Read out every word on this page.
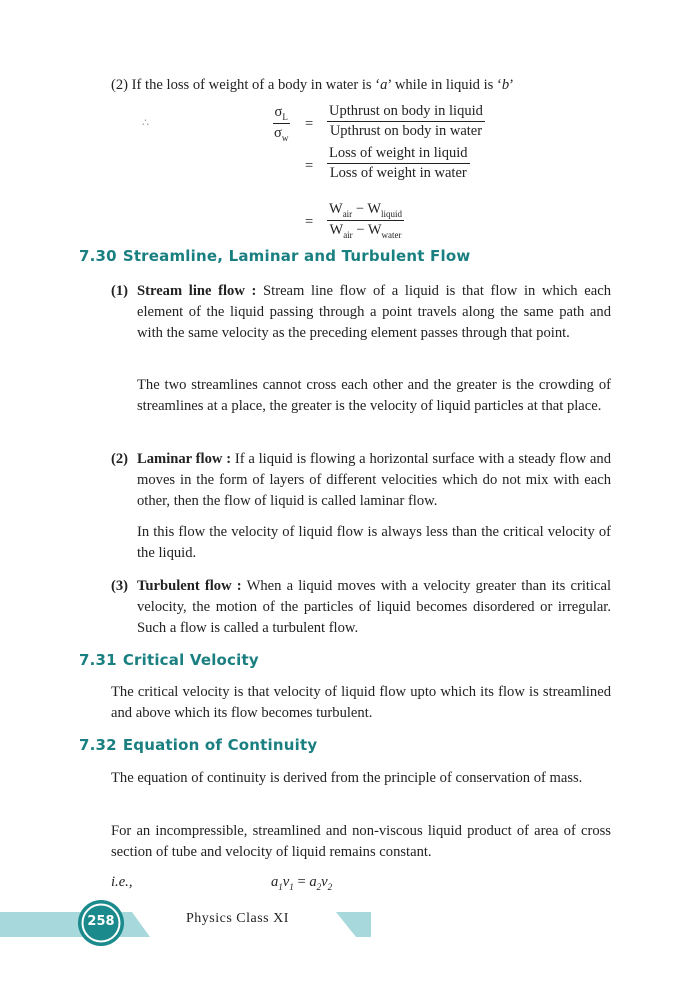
(2) If the loss of weight of a body in water is ‘a’ while in liquid is ‘b’
∴	$\frac{\sigma_L}{\sigma_w} = \frac{\text{Upthrust on body in liquid}}{\text{Upthrust on body in water}}$
= $\frac{\text{Loss of weight in liquid}}{\text{Loss of weight in water}}$
= $\frac{W_{air} - W_{liquid}}{W_{air} - W_{water}}$
7.30 Streamline, Laminar and Turbulent Flow
(1) Stream line flow : Stream line flow of a liquid is that flow in which each element of the liquid passing through a point travels along the same path and with the same velocity as the preceding element passes through that point.
The two streamlines cannot cross each other and the greater is the crowding of streamlines at a place, the greater is the velocity of liquid particles at that place.
(2) Laminar flow : If a liquid is flowing a horizontal surface with a steady flow and moves in the form of layers of different velocities which do not mix with each other, then the flow of liquid is called laminar flow.
In this flow the velocity of liquid flow is always less than the critical velocity of the liquid.
(3) Turbulent flow : When a liquid moves with a velocity greater than its critical velocity, the motion of the particles of liquid becomes disordered or irregular. Such a flow is called a turbulent flow.
7.31 Critical Velocity
The critical velocity is that velocity of liquid flow upto which its flow is streamlined and above which its flow becomes turbulent.
7.32 Equation of Continuity
The equation of continuity is derived from the principle of conservation of mass.
For an incompressible, streamlined and non-viscous liquid product of area of cross section of tube and velocity of liquid remains constant.
i.e.,	$a_1v_1 = a_2v_2$
258	Physics Class XI
